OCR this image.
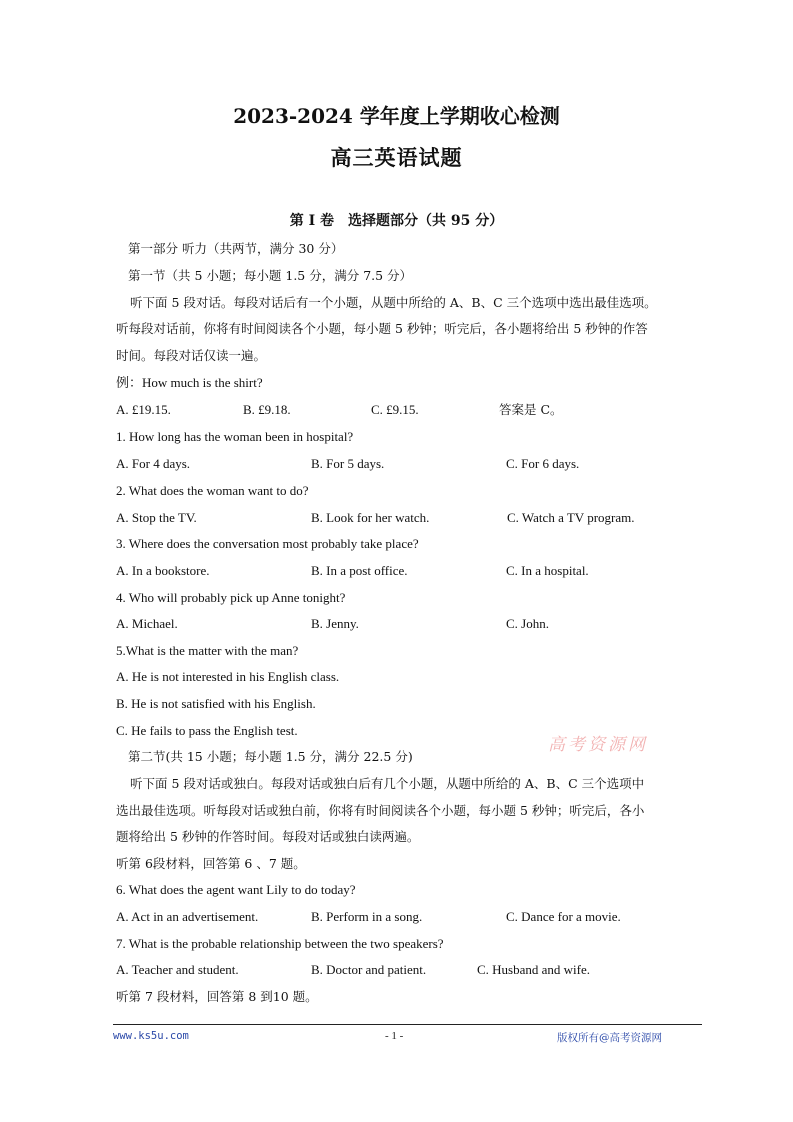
2023-2024 学年度上学期收心检测
高三英语试题
第 I 卷　选择题部分（共 95 分）
第一部分 听力（共两节，满分 30 分）
第一节（共 5 小题；每小题 1.5 分，满分 7.5 分）
听下面 5 段对话。每段对话后有一个小题，从题中所给的 A、B、C 三个选项中选出最佳选项。
听每段对话前，你将有时间阅读各个小题，每小题 5 秒钟；听完后，各小题将给出 5 秒钟的作答
时间。每段对话仅读一遍。
例：How much is the shirt?
A. £19.15.	B. £9.18.	C. £9.15.	答案是 C。
1. How long has the woman been in hospital?
A. For 4 days.	B. For 5 days.	C. For 6 days.
2. What does the woman want to do?
A. Stop the TV.	B. Look for her watch.	C. Watch a TV program.
3. Where does the conversation most probably take place?
A. In a bookstore.	B. In a post office.	C. In a hospital.
4. Who will probably pick up Anne tonight?
A. Michael.	B. Jenny.	C. John.
5.What is the matter with the man?
A. He is not interested in his English class.
B. He is not satisfied with his English.
C. He fails to pass the English test.
高考资源网
第二节(共 15 小题；每小题 1.5 分，满分 22.5 分)
听下面 5 段对话或独白。每段对话或独白后有几个小题，从题中所给的 A、B、C 三个选项中
选出最佳选项。听每段对话或独白前，你将有时间阅读各个小题，每小题 5 秒钟；听完后，各小
题将给出 5 秒钟的作答时间。每段对话或独白读两遍。
听第 6段材料，回答第 6 、7 题。
6. What does the agent want Lily to do today?
A. Act in an advertisement.	B. Perform in a song.	C. Dance for a movie.
7. What is the probable relationship between the two speakers?
A. Teacher and student.	B. Doctor and patient.	C. Husband and wife.
听第 7 段材料，回答第 8 到10 题。
www.ks5u.com	- 1 -	版权所有@高考资源网
